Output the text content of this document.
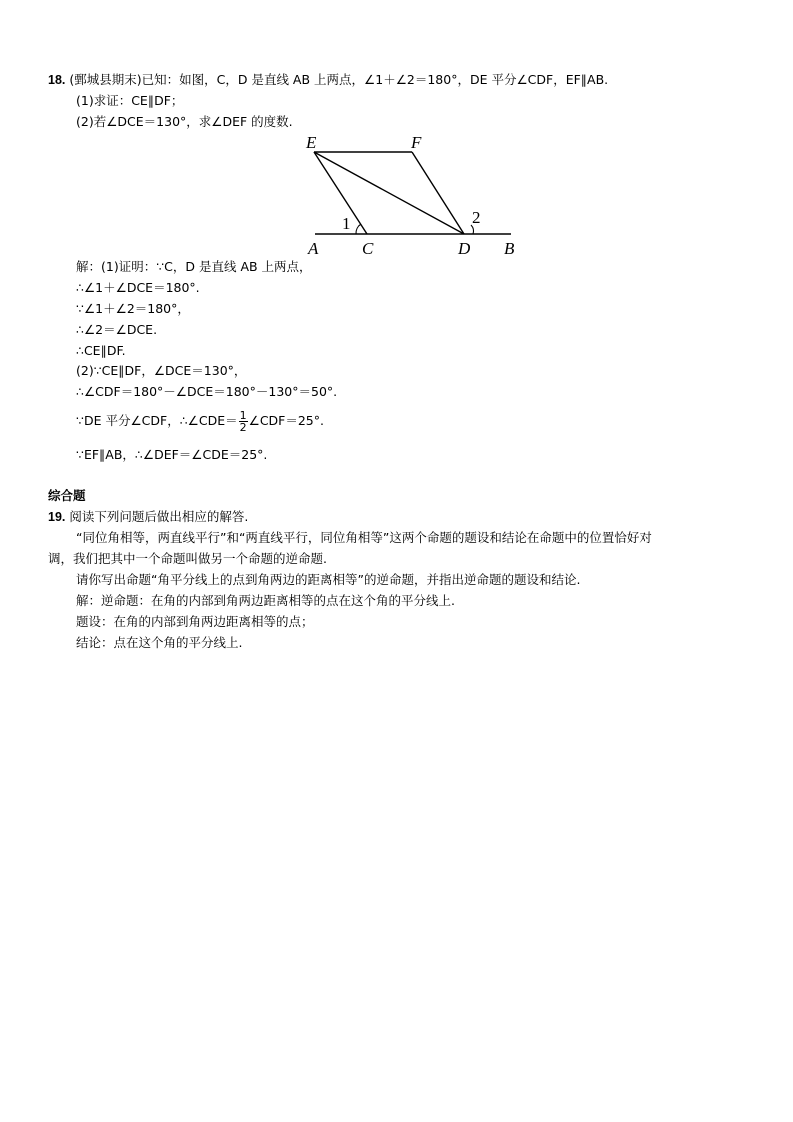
18. (鄄城县期末)已知：如图，C，D 是直线 AB 上两点，∠1＋∠2＝180°，DE 平分∠CDF，EF∥AB.
(1)求证：CE∥DF；
(2)若∠DCE＝130°，求∠DEF 的度数.
E	F
A	C	D B
1	2
解：(1)证明：∵C，D 是直线 AB 上两点，
∴∠1＋∠DCE＝180°.
∵∠1＋∠2＝180°，
∴∠2＝∠DCE.
∴CE∥DF.
(2)∵CE∥DF，∠DCE＝130°，
∴∠CDF＝180°－∠DCE＝180°－130°＝50°.
∵DE 平分∠CDF，∴∠CDE＝ $\frac{1}{2}$ ∠CDF＝25°.
∵EF∥AB，∴∠DEF＝∠CDE＝25°.
综合题
19. 阅读下列问题后做出相应的解答.
“同位角相等，两直线平行”和“两直线平行，同位角相等”这两个命题的题设和结论在命题中的位置恰好对
调，我们把其中一个命题叫做另一个命题的逆命题.
请你写出命题“角平分线上的点到角两边的距离相等”的逆命题，并指出逆命题的题设和结论.
解：逆命题：在角的内部到角两边距离相等的点在这个角的平分线上.
题设：在角的内部到角两边距离相等的点；
结论：点在这个角的平分线上.
